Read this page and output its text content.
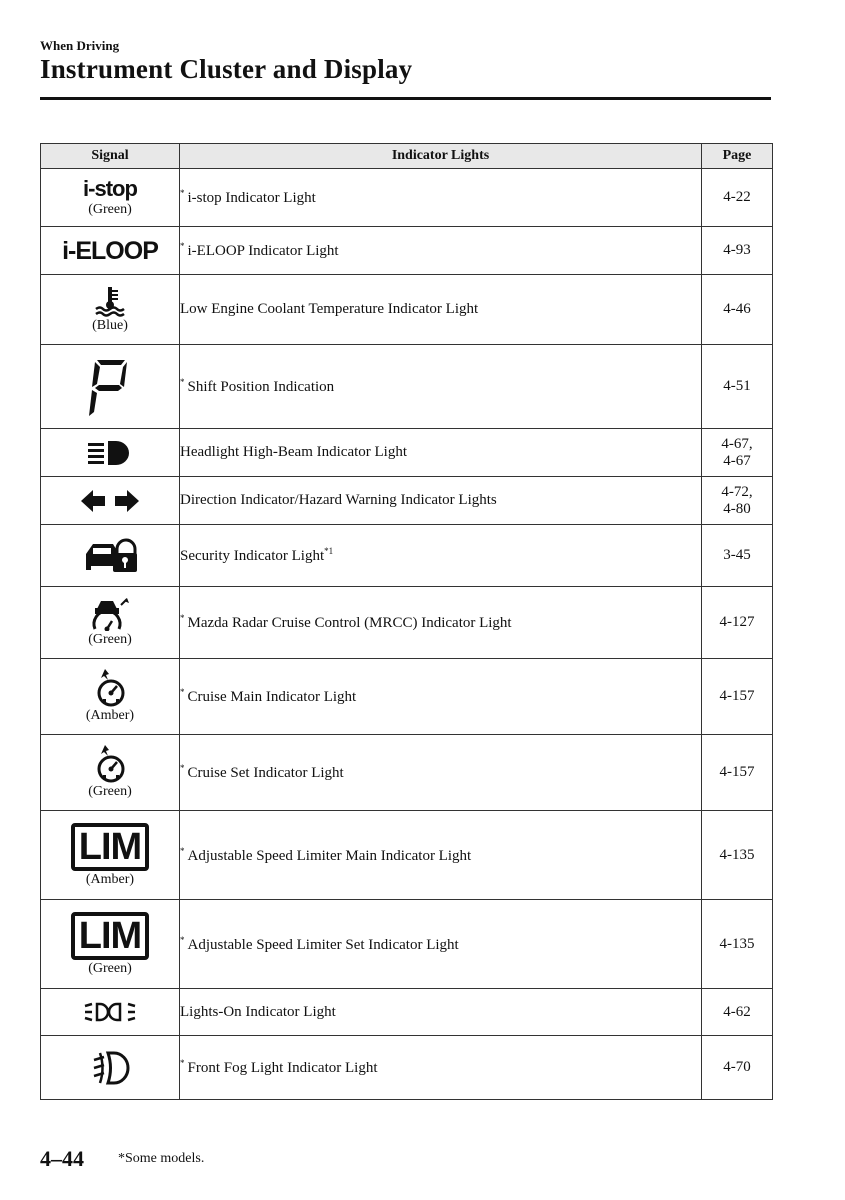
When Driving
Instrument Cluster and Display
Signal	Indicator Lights	Page

i-stop
(Green)	* i-stop Indicator Light	4-22

i-ELOOP	* i-ELOOP Indicator Light	4-93

(Blue)	Low Engine Coolant Temperature Indicator Light	4-46

	* Shift Position Indication	4-51

	Headlight High-Beam Indicator Light	4-67,
4-67

	Direction Indicator/Hazard Warning Indicator Lights	4-72,
4-80

	Security Indicator Light$^{*1}$	3-45

(Green)	* Mazda Radar Cruise Control (MRCC) Indicator Light	4-127

(Amber)	* Cruise Main Indicator Light	4-157

(Green)	* Cruise Set Indicator Light	4-157
LIM
(Amber)	* Adjustable Speed Limiter Main Indicator Light	4-135
LIM
(Green)	* Adjustable Speed Limiter Set Indicator Light	4-135

	Lights-On Indicator Light	4-62

	* Front Fog Light Indicator Light	4-70
4–44 *Some models.
